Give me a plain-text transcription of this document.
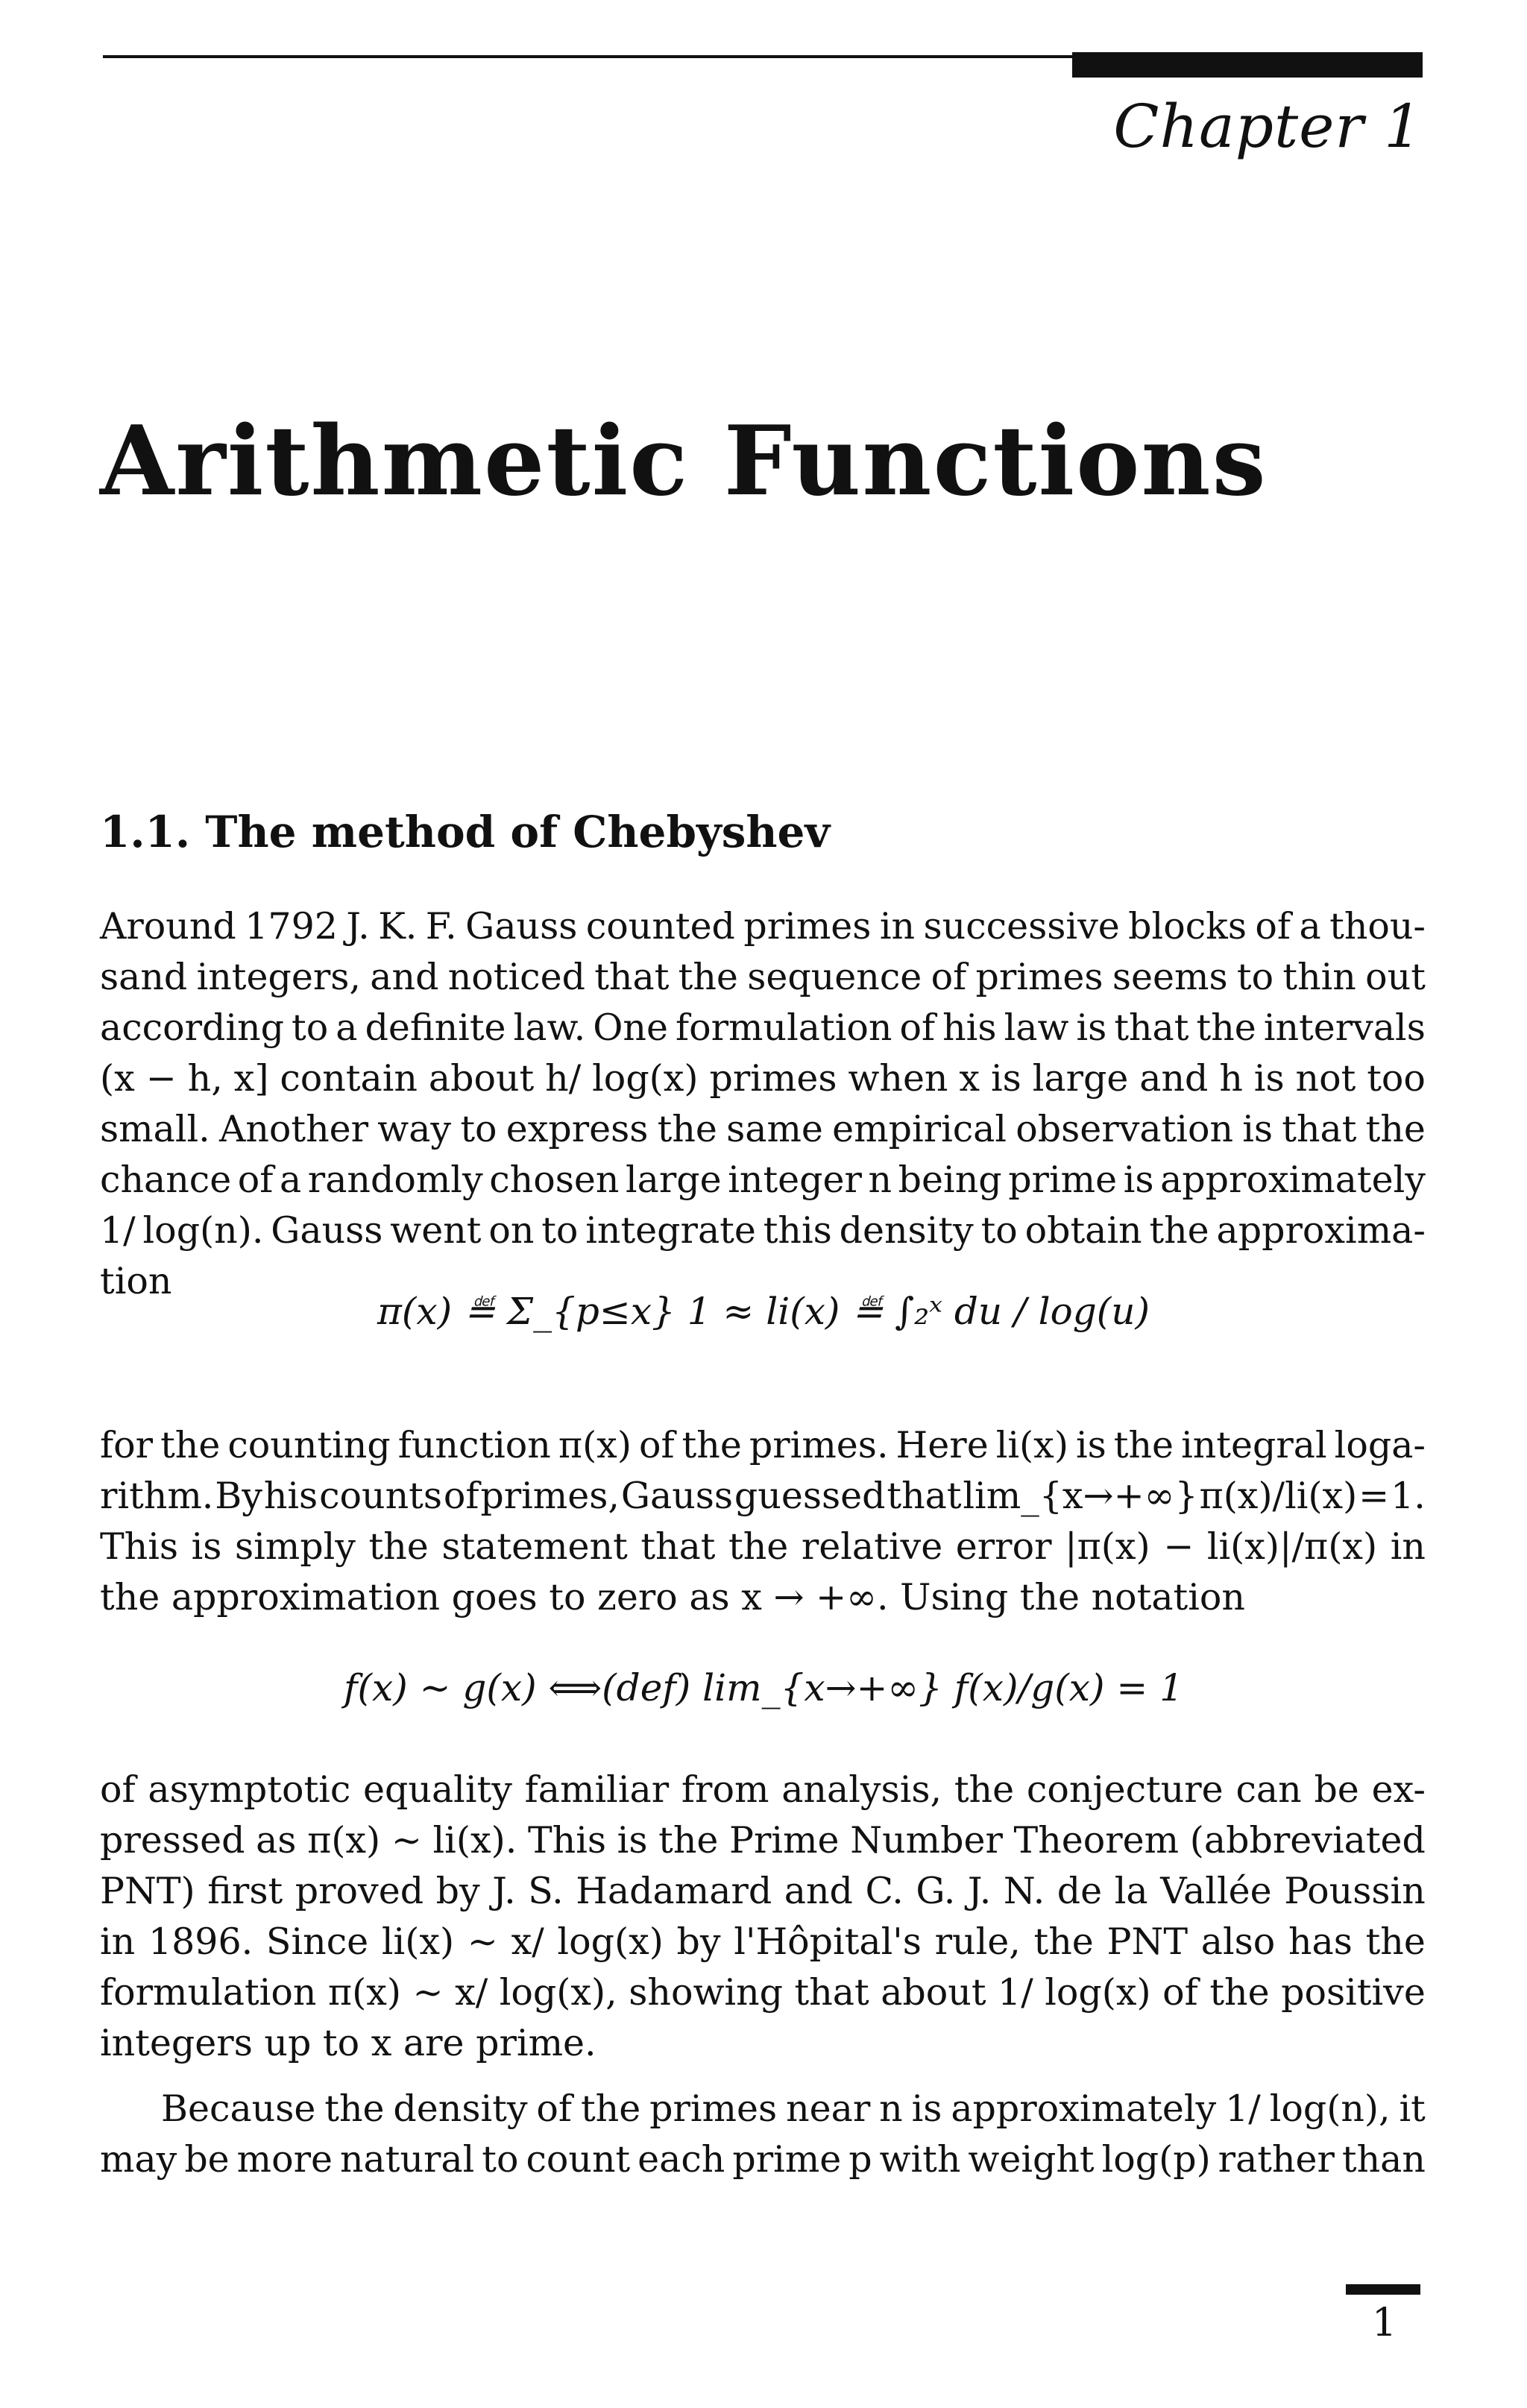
Chapter 1
Arithmetic Functions
1.1. The method of Chebyshev
Around 1792 J. K. F. Gauss counted primes in successive blocks of a thou-
sand integers, and noticed that the sequence of primes seems to thin out
according to a definite law. One formulation of his law is that the intervals
(x − h, x] contain about h/ log(x) primes when x is large and h is not too
small. Another way to express the same empirical observation is that the
chance of a randomly chosen large integer n being prime is approximately
1/ log(n). Gauss went on to integrate this density to obtain the approxima-
tion
π(x) ≝ Σ_{p≤x} 1 ≈ li(x) ≝ ∫₂ˣ du / log(u)
for the counting function π(x) of the primes. Here li(x) is the integral loga-
rithm. By his counts of primes, Gauss guessed that lim_{x→+∞} π(x)/li(x) = 1.
This is simply the statement that the relative error |π(x) − li(x)|/π(x) in
the approximation goes to zero as x → +∞. Using the notation
f(x) ∼ g(x) ⟺(def) lim_{x→+∞} f(x)/g(x) = 1
of asymptotic equality familiar from analysis, the conjecture can be ex-
pressed as π(x) ∼ li(x). This is the Prime Number Theorem (abbreviated
PNT) first proved by J. S. Hadamard and C. G. J. N. de la Vallée Poussin
in 1896. Since li(x) ∼ x/ log(x) by l'Hôpital's rule, the PNT also has the
formulation π(x) ∼ x/ log(x), showing that about 1/ log(x) of the positive
integers up to x are prime.
Because the density of the primes near n is approximately 1/ log(n), it
may be more natural to count each prime p with weight log(p) rather than
1
